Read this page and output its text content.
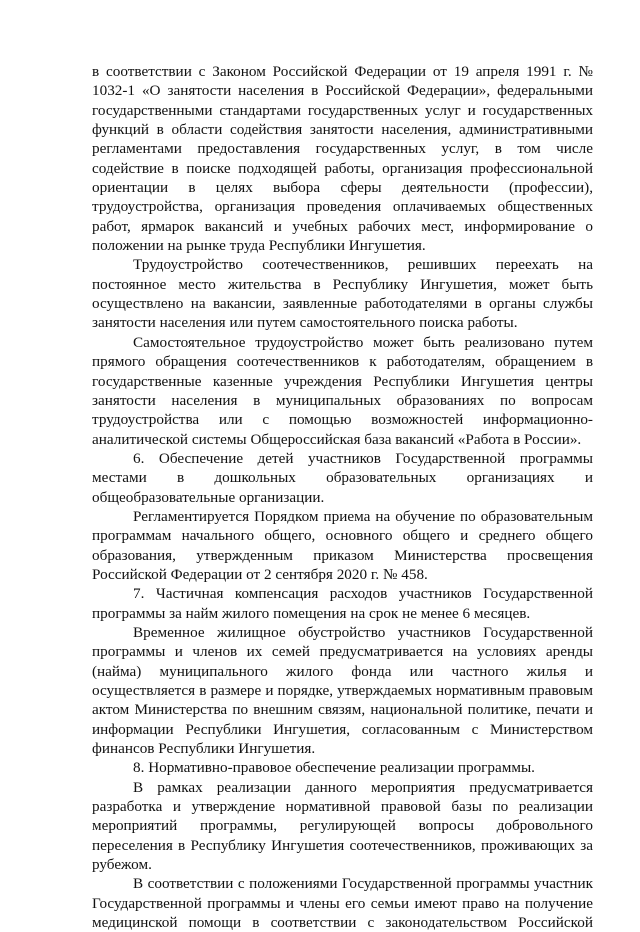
в соответствии с Законом Российской Федерации от 19 апреля 1991 г. № 1032-1 «О занятости населения в Российской Федерации», федеральными государственными стандартами государственных услуг и государственных функций в области содействия занятости населения, административными регламентами предоставления государственных услуг, в том числе содействие в поиске подходящей работы, организация профессиональной ориентации в целях выбора сферы деятельности (профессии), трудоустройства, организация проведения оплачиваемых общественных работ, ярмарок вакансий и учебных рабочих мест, информирование о положении на рынке труда Республики Ингушетия.

Трудоустройство соотечественников, решивших переехать на постоянное место жительства в Республику Ингушетия, может быть осуществлено на вакансии, заявленные работодателями в органы службы занятости населения или путем самостоятельного поиска работы.

Самостоятельное трудоустройство может быть реализовано путем прямого обращения соотечественников к работодателям, обращением в государственные казенные учреждения Республики Ингушетия центры занятости населения в муниципальных образованиях по вопросам трудоустройства или с помощью возможностей информационно-аналитической системы Общероссийская база вакансий «Работа в России».

6. Обеспечение детей участников Государственной программы местами в дошкольных образовательных организациях и общеобразовательные организации.

Регламентируется Порядком приема на обучение по образовательным программам начального общего, основного общего и среднего общего образования, утвержденным приказом Министерства просвещения Российской Федерации от 2 сентября 2020 г. № 458.

7. Частичная компенсация расходов участников Государственной программы за найм жилого помещения на срок не менее 6 месяцев.

Временное жилищное обустройство участников Государственной программы и членов их семей предусматривается на условиях аренды (найма) муниципального жилого фонда или частного жилья и осуществляется в размере и порядке, утверждаемых нормативным правовым актом Министерства по внешним связям, национальной политике, печати и информации Республики Ингушетия, согласованным с Министерством финансов Республики Ингушетия.

8. Нормативно-правовое обеспечение реализации программы.

В рамках реализации данного мероприятия предусматривается разработка и утверждение нормативной правовой базы по реализации мероприятий программы, регулирующей вопросы добровольного переселения в Республику Ингушетия соотечественников, проживающих за рубежом.

В соответствии с положениями Государственной программы участник Государственной программы и члены его семьи имеют право на получение медицинской помощи в соответствии с законодательством Российской
